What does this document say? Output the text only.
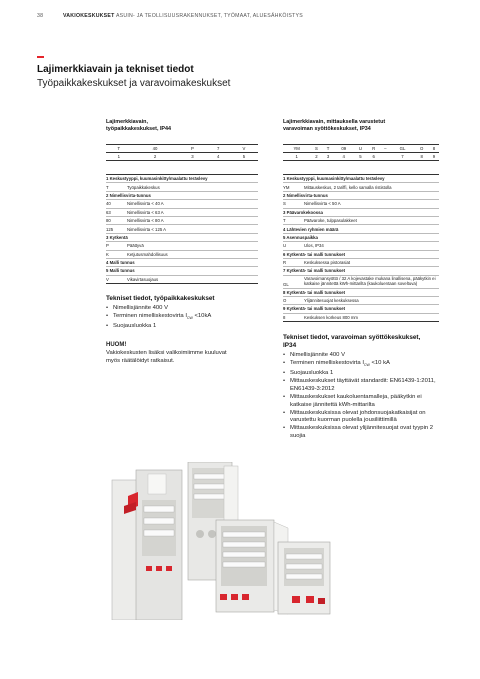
38	VAKIOKESKUKSET ASUIN- JA TEOLLISUUSRAKENNUKSET, TYÖMAAT, ALUESÄHKÖISTYS
Lajimerkkiavain ja tekniset tiedot
Työpaikkakeskukset ja varavoimakeskukset
Lajimerkkiavain,
työpaikkakeskukset, IP44
T	40	P	7	V
1	2	3	4	5
1 Keskustyyppi, kuumasinkitty/maalattu teräslevy	
T	Työpaikkakeskus
2 Nimellisvirta-tunnus	
40	Nimellisvirta < 40 A
63	Nimellisvirta < 63 A
80	Nimellisvirta < 80 A
125	Nimellisvirta < 125 A
3 Kytkentä	
P	Päättyvä
K	Ketjutusmahdollisuus
4 Malli tunnus	
5 Malli tunnus	
V	Vikavirtasuojaus
Tekniset tiedot, työpaikkakeskukset
• Nimellisjännite 400 V
• Terminen nimelliskestovirta $I_{CW} <10kA$
• Suojausluokka 1
HUOM!
Vakiokeskusten lisäksi valikoimiimme kuuluvat
myös räätälöidyt ratkaisut.
Lajimerkkiavain, mittauksella varustetut
varavoiman syöttökeskukset, IP34
YM	S	T	09	U	R	–	GL	O	8
1	2	3	4	5	6		7	8	9
1 Keskustyyppi, kuumasinkitty/maalattu teräslevy	
YM	Mittauskeskus, 2 tariffi, kello samalla rististolla
2 Nimellisvirta-tunnus	
S	Nimellisvirta < 50 A
3 Päävarokekoossa	
T	Päävaroke, tulppasulakkeet
4 Lähtevien ryhmien määrä	
5 Asennuspaikka	
U	Ulos, IP34
6 Kytkentä- tai malli tunnukset	
R	Keskuksessa pistorasiat
7 Kytkentä- tai malli tunnukset	
GL	Varavoimansyöttö / 32 A kojevastake mukana linallisena, pääkytkin ei katkaise jännitettä kWh-mittarilta (kaukoluentaan soveltuva)
8 Kytkentä- tai malli tunnukset	
O	Ylijännitesuojat keskuksessa
9 Kytkentä- tai malli tunnukset	
8	Keskuksen korkeus 800 mm
Tekniset tiedot, varavoiman syöttökeskukset,
IP34
• Nimellisjännite 400 V
• Terminen nimelliskestovirta $I_{CW} <10$ kA
• Suojausluokka 1
• Mittauskeskukset täyttävät standardit: EN61439-1:2011, EN61439-3:2012
• Mittauskeskukset kaukoluentamalleja, pääkytkin ei katkaise jännitettä kWh-mittarilta
• Mittauskeskuksissa olevat johdonsuojakatkaisijat on varustettu kuorman puolella jousiliittimillä
• Mittauskeskuksissa olevat ylijännitesuojat ovat tyypin 2 suojia
